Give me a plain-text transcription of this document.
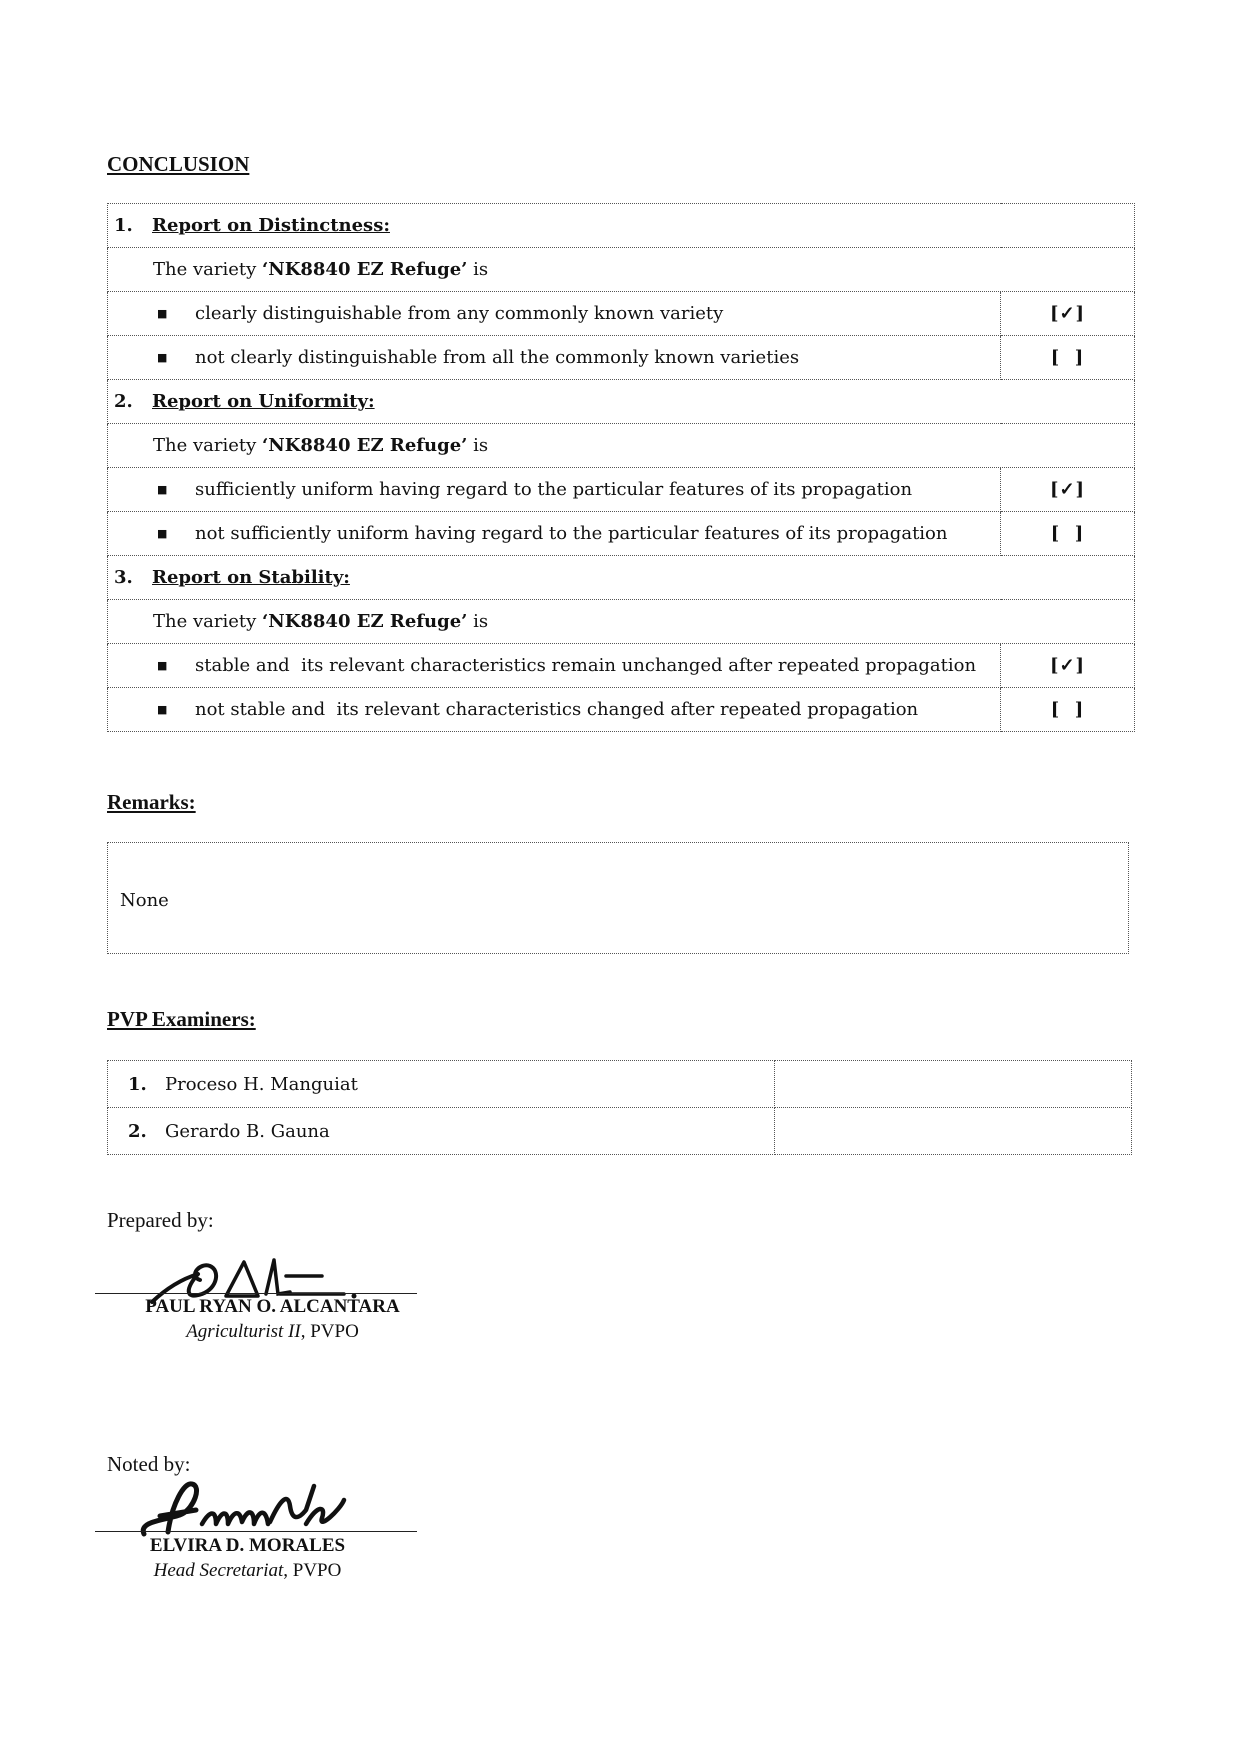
CONCLUSION
1. Report on Distinctness:	
The variety ‘NK8840 EZ Refuge’ is	
■ clearly distinguishable from any commonly known variety	[✓]
■ not clearly distinguishable from all the commonly known varieties	[  ]
2. Report on Uniformity:	
The variety ‘NK8840 EZ Refuge’ is	
■ sufficiently uniform having regard to the particular features of its propagation	[✓]
■ not sufficiently uniform having regard to the particular features of its propagation	[  ]
3. Report on Stability:	
The variety ‘NK8840 EZ Refuge’ is	
■ stable and  its relevant characteristics remain unchanged after repeated propagation	[✓]
■ not stable and  its relevant characteristics changed after repeated propagation	[  ]
Remarks:
None
PVP Examiners:
1. Proceso H. Manguiat	
2. Gerardo B. Gauna	
Prepared by:
PAUL RYAN O. ALCANTARA
Agriculturist II, PVPO
Noted by:
ELVIRA D. MORALES
Head Secretariat, PVPO
